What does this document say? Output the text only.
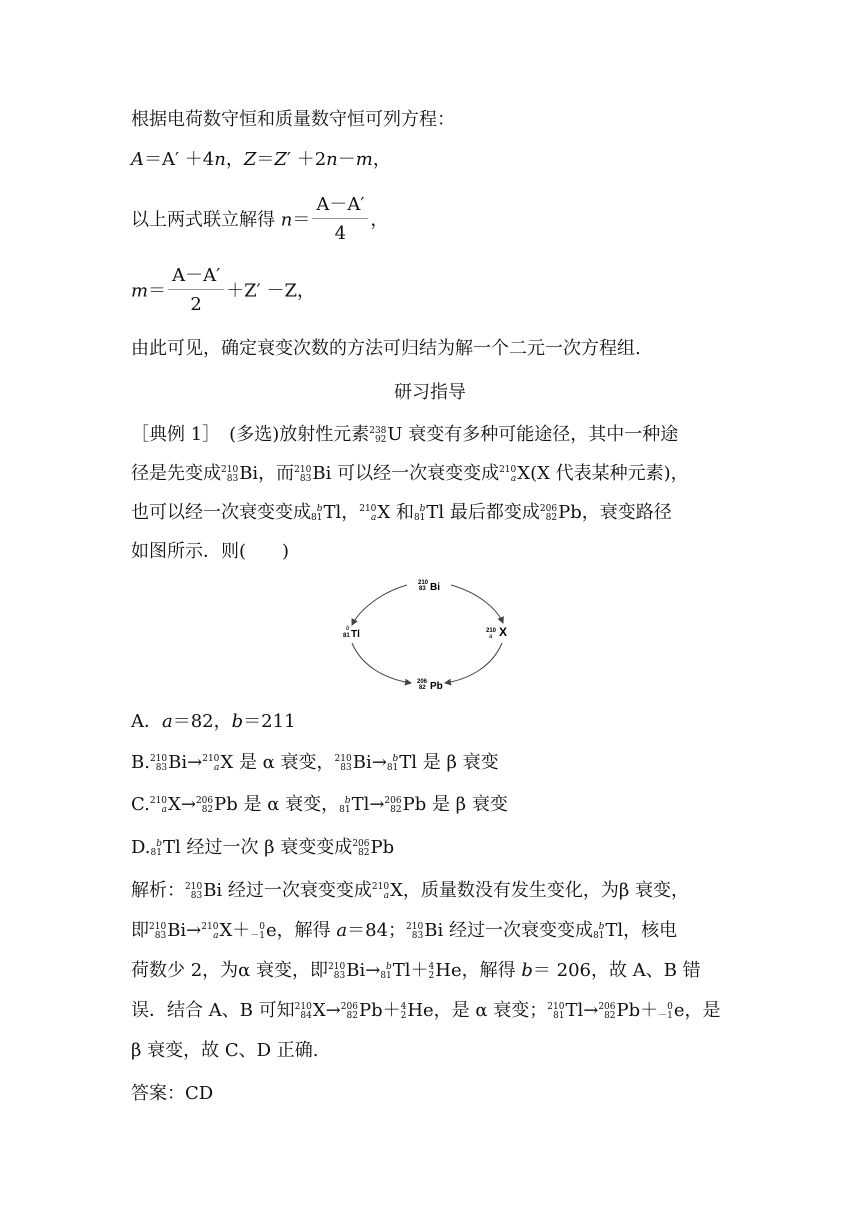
根据电荷数守恒和质量数守恒可列方程：
A＝A′ ＋4n，Z＝Z′ ＋2n－m，
以上两式联立解得 $n= \frac{A-A'}{4}$ ，
$m= \frac{A-A'}{2} +Z' -Z$，
由此可见，确定衰变次数的方法可归结为解一个二元一次方程组.
研习指导
［典例 1］　(多选)放射性元素 238
92 U 衰变有多种可能途径，其中一种途
径是先变成 210
83 Bi，而 210
83 Bi 可以经一次衰变变成 210
a X(X 代表某种元素)，
也可以经一次衰变变成 b
81 Tl， 210
a X 和 b
81 Tl 最后都变成 206
82 Pb，衰变路径
如图所示．则(　　)
210
83 Bi
210
a X
b
81 Tl
206
82 Pb
A．a＝82，b＝211
B. 210
83 Bi→ 210
a X 是 α 衰变， 210
83 Bi→ b
81 Tl 是 β 衰变
C. 210
a X→ 206
82 Pb 是 α 衰变， b
81 Tl→ 206
82 Pb 是 β 衰变
D. b
81 Tl 经过一次 β 衰变变成 206
82 Pb
解析： 210
83 Bi 经过一次衰变变成 210
a X，质量数没有发生变化，为β 衰变，
即 210
83 Bi→ 210
a X＋	0
－1 e，解得 a＝84； 210
83 Bi 经过一次衰变变成 b
81 Tl，核电
荷数少 2，为α 衰变，即 210
83 Bi→ b
81 Tl＋ 4
2 He，解得 b＝ 206，故 A、B 错
误．结合 A、B 可知 210
84 X→ 206
82 Pb＋ 4
2 He，是 α 衰变； 210
81 Tl→ 206
82 Pb＋	0
－1 e，是
β 衰变，故 C、D 正确.
答案：CD
